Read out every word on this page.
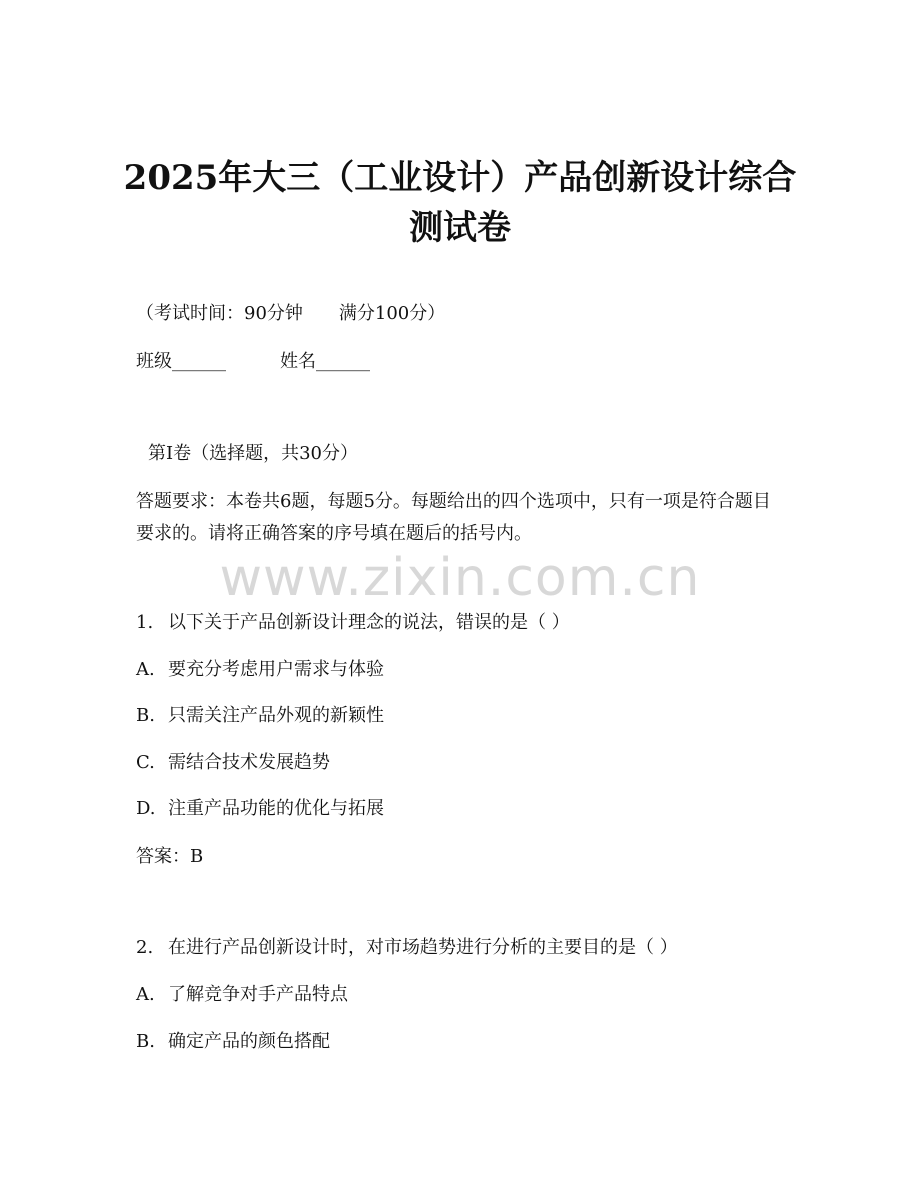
2025年大三（工业设计）产品创新设计综合
测试卷

（考试时间：90分钟 满分100分）

班级______	姓名______

第Ⅰ卷（选择题，共30分）

答题要求：本卷共6题，每题5分。每题给出的四个选项中，只有一项是符合题目要求的。请将正确答案的序号填在题后的括号内。

www.zixin.com.cn

1. 以下关于产品创新设计理念的说法，错误的是（ ）

A. 要充分考虑用户需求与体验

B. 只需关注产品外观的新颖性

C. 需结合技术发展趋势

D. 注重产品功能的优化与拓展

答案：B

2. 在进行产品创新设计时，对市场趋势进行分析的主要目的是（ ）

A. 了解竞争对手产品特点

B. 确定产品的颜色搭配
